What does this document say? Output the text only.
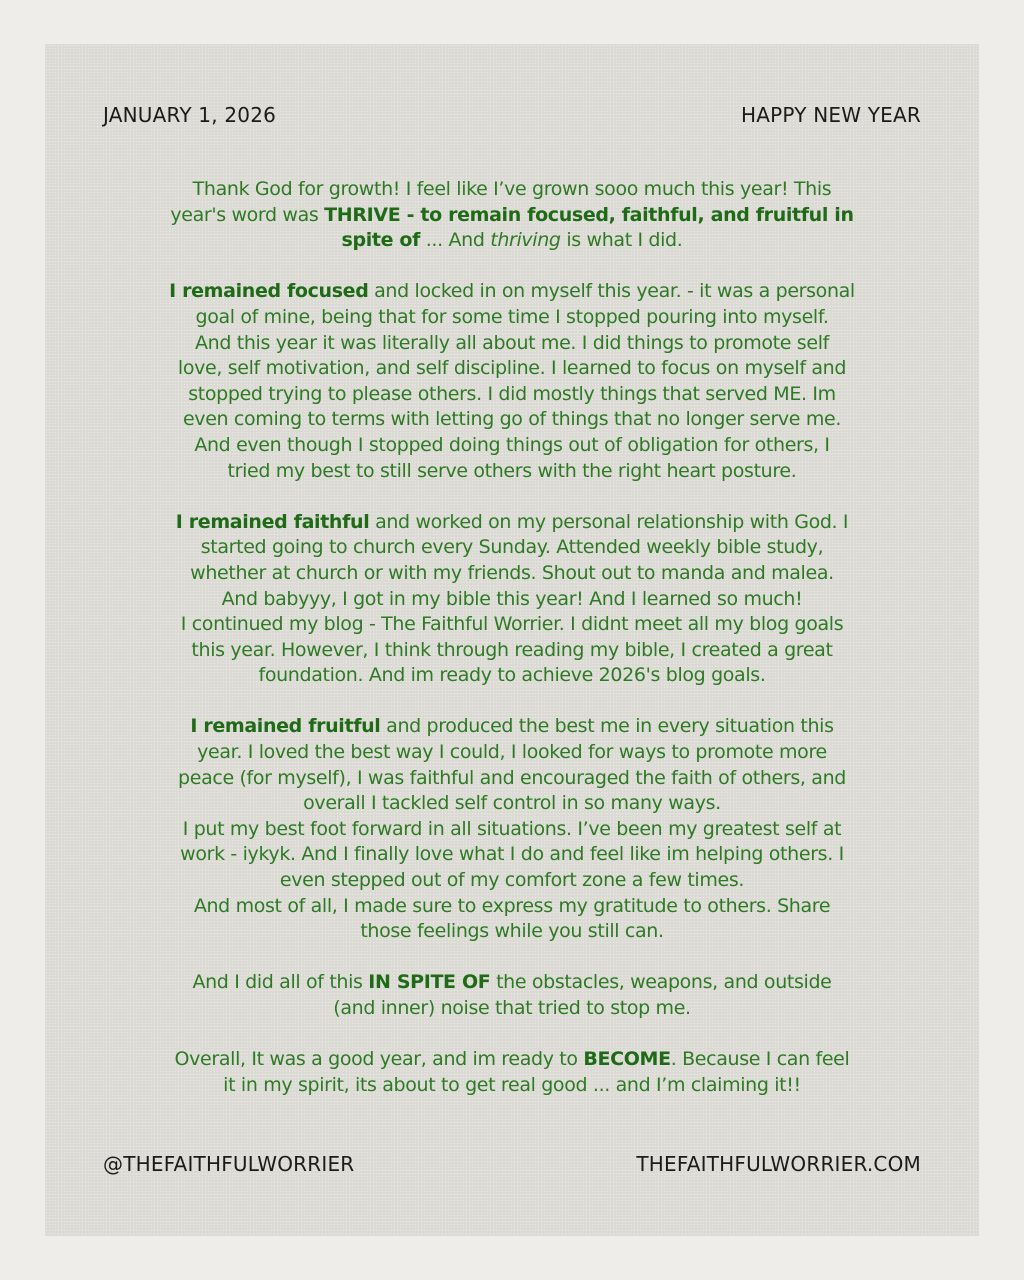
JANUARY 1, 2026	HAPPY NEW YEAR

Thank God for growth! I feel like I’ve grown sooo much this year! This
year's word was THRIVE - to remain focused, faithful, and fruitful in
spite of ... And thriving is what I did.

I remained focused and locked in on myself this year. - it was a personal
goal of mine, being that for some time I stopped pouring into myself.
And this year it was literally all about me. I did things to promote self
love, self motivation, and self discipline. I learned to focus on myself and
stopped trying to please others. I did mostly things that served ME. Im
even coming to terms with letting go of things that no longer serve me.
And even though I stopped doing things out of obligation for others, I
tried my best to still serve others with the right heart posture.

I remained faithful and worked on my personal relationship with God. I
started going to church every Sunday. Attended weekly bible study,
whether at church or with my friends. Shout out to manda and malea.
And babyyy, I got in my bible this year! And I learned so much!
I continued my blog - The Faithful Worrier. I didnt meet all my blog goals
this year. However, I think through reading my bible, I created a great
foundation. And im ready to achieve 2026's blog goals.

I remained fruitful and produced the best me in every situation this
year. I loved the best way I could, I looked for ways to promote more
peace (for myself), I was faithful and encouraged the faith of others, and
overall I tackled self control in so many ways.
I put my best foot forward in all situations. I’ve been my greatest self at
work - iykyk. And I finally love what I do and feel like im helping others. I
even stepped out of my comfort zone a few times.
And most of all, I made sure to express my gratitude to others. Share
those feelings while you still can.

And I did all of this IN SPITE OF the obstacles, weapons, and outside
(and inner) noise that tried to stop me.

Overall, It was a good year, and im ready to BECOME. Because I can feel
it in my spirit, its about to get real good ... and I’m claiming it!!

@THEFAITHFULWORRIER	THEFAITHFULWORRIER.COM
